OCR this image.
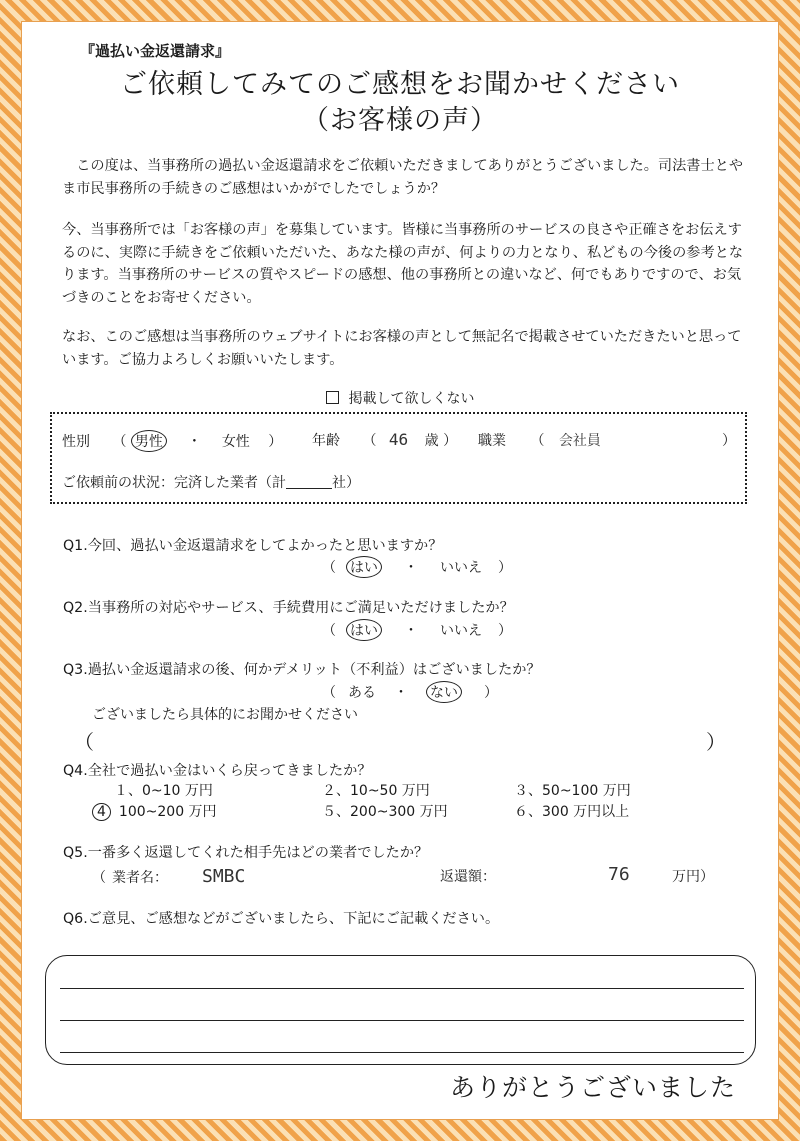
『過払い金返還請求』
ご依頼してみてのご感想をお聞かせください
（お客様の声）
　この度は、当事務所の過払い金返還請求をご依頼いただきましてありがとうございました。司法書士とやま市民事務所の手続きのご感想はいかがでしたでしょうか？
今、当事務所では「お客様の声」を募集しています。皆様に当事務所のサービスの良さや正確さをお伝えするのに、実際に手続きをご依頼いただいた、あなた様の声が、何よりの力となり、私どもの今後の参考となります。当事務所のサービスの質やスピードの感想、他の事務所との違いなど、何でもありですので、お気づきのことをお寄せください。
なお、このご感想は当事務所のウェブサイトにお客様の声として無記名で掲載させていただきたいと思っています。ご協力よろしくお願いいたします。
掲載して欲しくない
性別 （ 男性 ・ 女性 ） 年齢 （ 46 歳 ） 職業 （ 会社員	）
ご依頼前の状況：完済した業者（計	社）
Q1.今回、過払い金返還請求をしてよかったと思いますか？
（ はい ・ いいえ ）
Q2.当事務所の対応やサービス、手続費用にご満足いただけましたか？
（ はい ・ いいえ ）
Q3.過払い金返還請求の後、何かデメリット（不利益）はございましたか？
（ ある ・ ない ）
ございましたら具体的にお聞かせください
（	）
Q4.全社で過払い金はいくら戻ってきましたか？
１、0~10 万円	２、10~50 万円	３、50~100 万円
4 100~200 万円	５、200~300 万円	６、300 万円以上
Q5.一番多く返還してくれた相手先はどの業者でしたか？
（ 業者名： SMBC	返還額：	76	万円）
Q6.ご意見、ご感想などがございましたら、下記にご記載ください。
ありがとうございました
